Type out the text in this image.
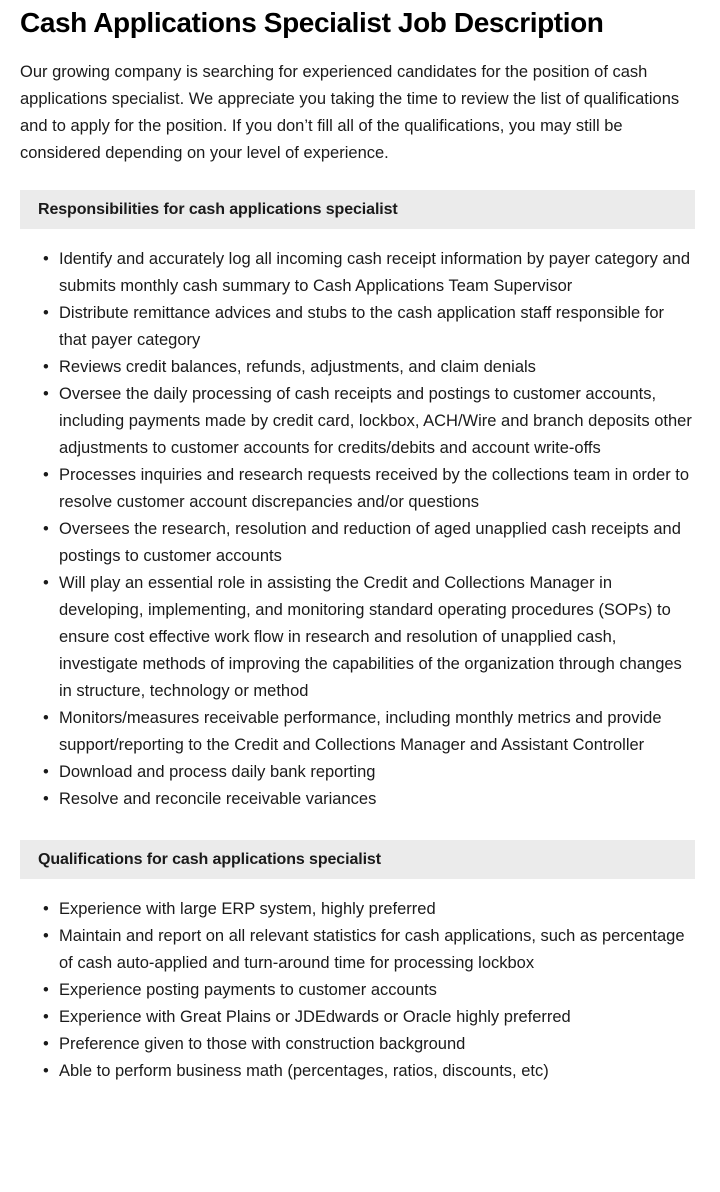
Cash Applications Specialist Job Description

Our growing company is searching for experienced candidates for the position of cash applications specialist. We appreciate you taking the time to review the list of qualifications and to apply for the position. If you don’t fill all of the qualifications, you may still be considered depending on your level of experience.

Responsibilities for cash applications specialist
• Identify and accurately log all incoming cash receipt information by payer category and submits monthly cash summary to Cash Applications Team Supervisor
• Distribute remittance advices and stubs to the cash application staff responsible for that payer category
• Reviews credit balances, refunds, adjustments, and claim denials
• Oversee the daily processing of cash receipts and postings to customer accounts, including payments made by credit card, lockbox, ACH/Wire and branch deposits other adjustments to customer accounts for credits/debits and account write-offs
• Processes inquiries and research requests received by the collections team in order to resolve customer account discrepancies and/or questions
• Oversees the research, resolution and reduction of aged unapplied cash receipts and postings to customer accounts
• Will play an essential role in assisting the Credit and Collections Manager in developing, implementing, and monitoring standard operating procedures (SOPs) to ensure cost effective work flow in research and resolution of unapplied cash, investigate methods of improving the capabilities of the organization through changes in structure, technology or method
• Monitors/measures receivable performance, including monthly metrics and provide support/reporting to the Credit and Collections Manager and Assistant Controller
• Download and process daily bank reporting
• Resolve and reconcile receivable variances
Qualifications for cash applications specialist
• Experience with large ERP system, highly preferred
• Maintain and report on all relevant statistics for cash applications, such as percentage of cash auto-applied and turn-around time for processing lockbox
• Experience posting payments to customer accounts
• Experience with Great Plains or JDEdwards or Oracle highly preferred
• Preference given to those with construction background
• Able to perform business math (percentages, ratios, discounts, etc)
